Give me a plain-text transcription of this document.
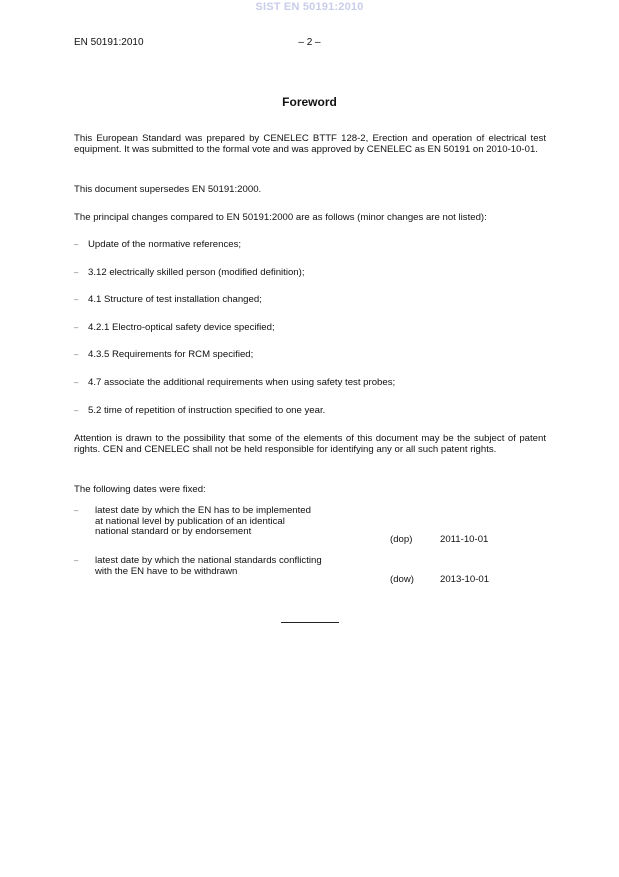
SIST EN 50191:2010
EN 50191:2010	– 2 –
Foreword
This European Standard was prepared by CENELEC BTTF 128-2, Erection and operation of electrical test equipment. It was submitted to the formal vote and was approved by CENELEC as EN 50191 on 2010-10-01.
This document supersedes EN 50191:2000.
The principal changes compared to EN 50191:2000 are as follows (minor changes are not listed):
– Update of the normative references;
– 3.12 electrically skilled person (modified definition);
– 4.1 Structure of test installation changed;
– 4.2.1 Electro-optical safety device specified;
– 4.3.5 Requirements for RCM specified;
– 4.7 associate the additional requirements when using safety test probes;
– 5.2 time of repetition of instruction specified to one year.
Attention is drawn to the possibility that some of the elements of this document may be the subject of patent rights. CEN and CENELEC shall not be held responsible for identifying any or all such patent rights.
The following dates were fixed:
–	latest date by which the EN has to be implemented
at national level by publication of an identical
national standard or by endorsement
(dop)	2011-10-01
–	latest date by which the national standards conflicting
with the EN have to be withdrawn
(dow)	2013-10-01
